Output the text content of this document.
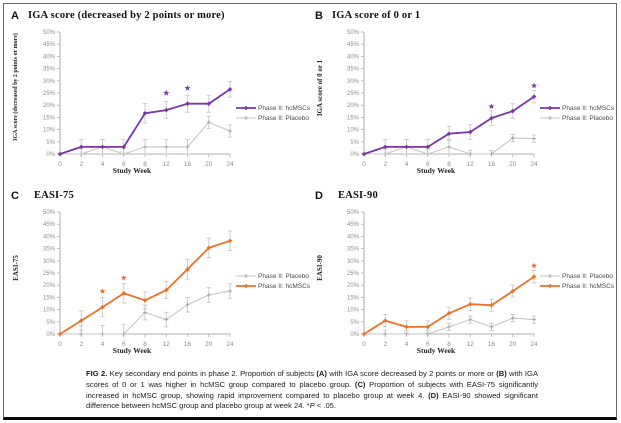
A IGA score (decreased by 2 points or more)
IGA score (decreased by 2 points or more)
Study Week
Phase II: hcMSCs
Phase II: Placebo
0%
5%
10%
15%
20%
25%
30%
35%
40%
45%
50%
0	2	4	6	8 12 16 20 24
B IGA score of 0 or 1
IGA score of 0 or 1
Study Week
Phase II: hcMSCs
Phase II: Placebo
0%
5%
10%
15%
20%
25%
30%
35%
40%
45%
50%
0	2	4	6	8 12 16 20 24
C EASI-75
EASI-75
Study Week
Phase II: Placebo
Phase II: hcMSCs
0%
5%
10%
15%
20%
25%
30%
35%
40%
45%
50%
0	2	4	6	8 12 16 20 24
D EASI-90
EASI-90
Study Week
Phase II: Placebo
Phase II: hcMSCs
0%
5%
10%
15%
20%
25%
30%
35%
40%
45%
50%
0	2	4	6	8 12 16 20 24
FIG 2. Key secondary end points in phase 2. Proportion of subjects (A) with IGA score decreased by 2 points or more or (B) with IGA scores of 0 or 1 was higher in hcMSC group compared to placebo group. (C) Proportion of subjects with EASI-75 significantly increased in hcMSC group, showing rapid improvement compared to placebo group at week 4. (D) EASI-90 showed significant difference between hcMSC group and placebo group at week 24. *P < .05.
